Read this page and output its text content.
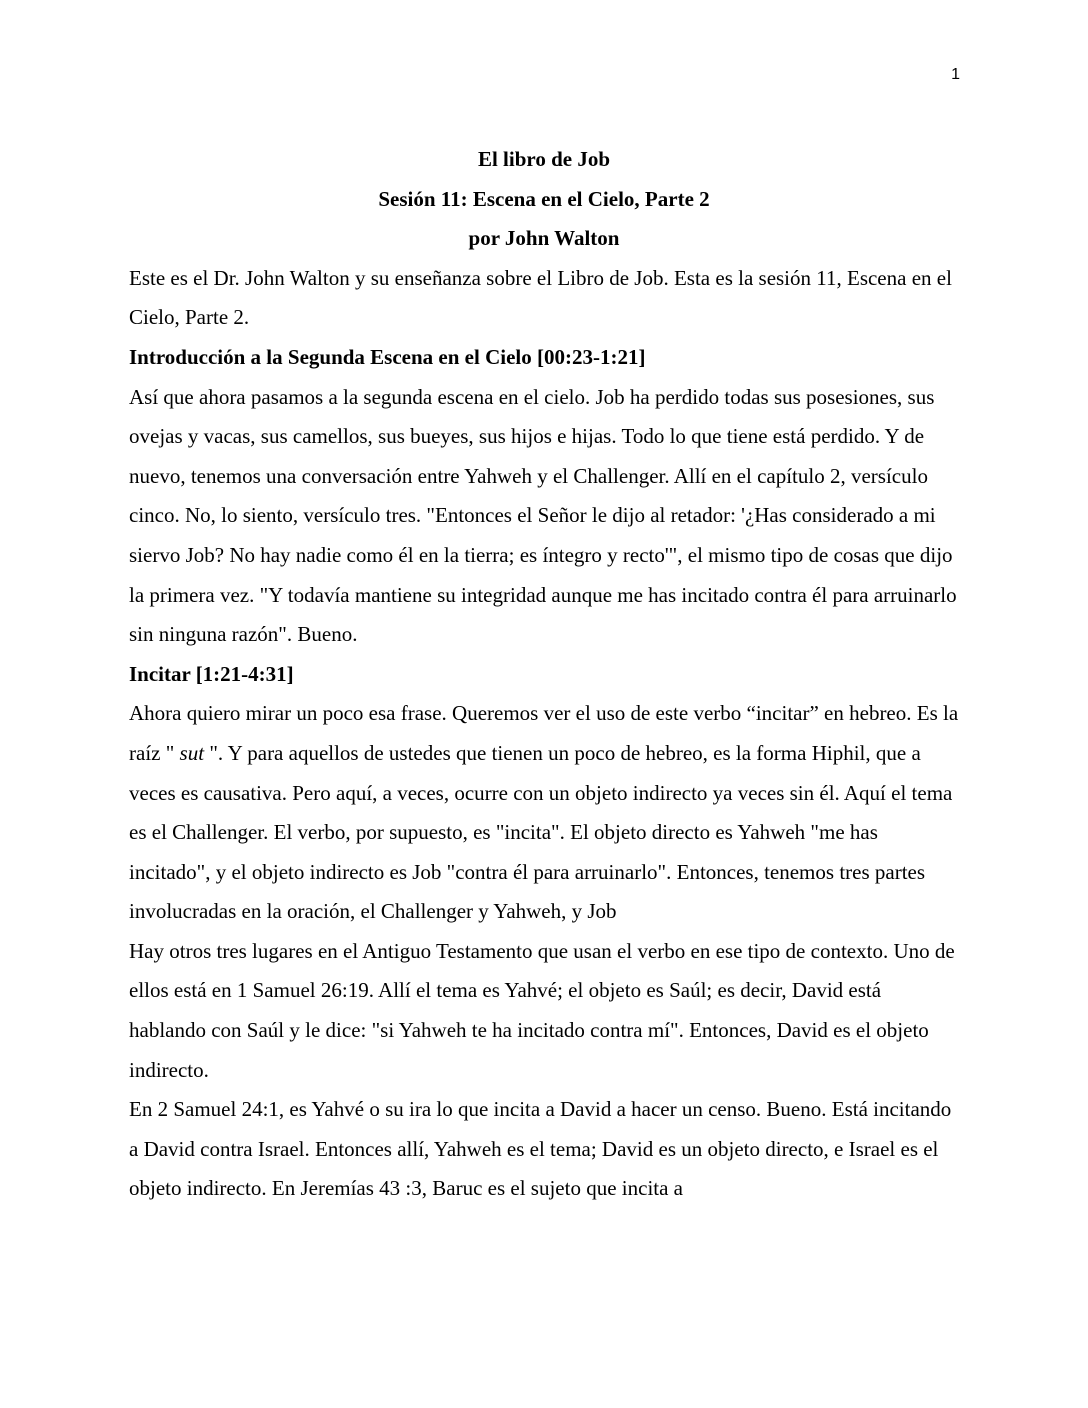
1

El libro de Job

Sesión 11: Escena en el Cielo, Parte 2

por John Walton

Este es el Dr. John Walton y su enseñanza sobre el Libro de Job. Esta es la sesión 11, Escena en el Cielo, Parte 2.

Introducción a la Segunda Escena en el Cielo [00:23-1:21]

Así que ahora pasamos a la segunda escena en el cielo. Job ha perdido todas sus posesiones, sus ovejas y vacas, sus camellos, sus bueyes, sus hijos e hijas. Todo lo que tiene está perdido. Y de nuevo, tenemos una conversación entre Yahweh y el Challenger. Allí en el capítulo 2, versículo cinco. No, lo siento, versículo tres. "Entonces el Señor le dijo al retador: '¿Has considerado a mi siervo Job? No hay nadie como él en la tierra; es íntegro y recto'", el mismo tipo de cosas que dijo la primera vez. "Y todavía mantiene su integridad aunque me has incitado contra él para arruinarlo sin ninguna razón". Bueno.

Incitar [1:21-4:31]

Ahora quiero mirar un poco esa frase. Queremos ver el uso de este verbo “incitar” en hebreo. Es la raíz " sut ". Y para aquellos de ustedes que tienen un poco de hebreo, es la forma Hiphil, que a veces es causativa. Pero aquí, a veces, ocurre con un objeto indirecto ya veces sin él. Aquí el tema es el Challenger. El verbo, por supuesto, es "incita". El objeto directo es Yahweh "me has incitado", y el objeto indirecto es Job "contra él para arruinarlo". Entonces, tenemos tres partes involucradas en la oración, el Challenger y Yahweh, y Job

Hay otros tres lugares en el Antiguo Testamento que usan el verbo en ese tipo de contexto. Uno de ellos está en 1 Samuel 26:19. Allí el tema es Yahvé; el objeto es Saúl; es decir, David está hablando con Saúl y le dice: "si Yahweh te ha incitado contra mí". Entonces, David es el objeto indirecto.

En 2 Samuel 24:1, es Yahvé o su ira lo que incita a David a hacer un censo. Bueno. Está incitando a David contra Israel. Entonces allí, Yahweh es el tema; David es un objeto directo, e Israel es el objeto indirecto. En Jeremías 43 :3, Baruc es el sujeto que incita a
